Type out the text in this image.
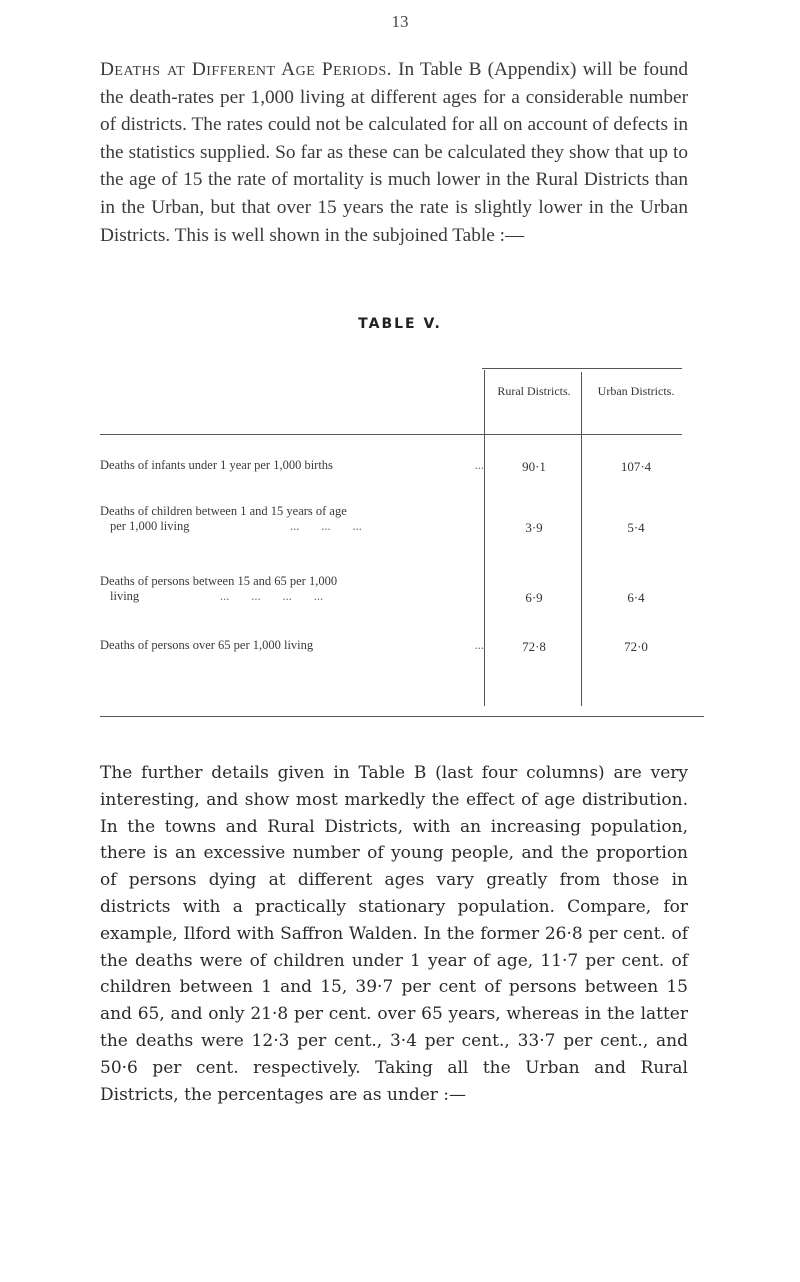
13
Deaths at Different Age Periods. In Table B (Appendix) will be found the death-rates per 1,000 living at different ages for a considerable number of districts. The rates could not be calculated for all on account of defects in the statistics supplied. So far as these can be calculated they show that up to the age of 15 the rate of mortality is much lower in the Rural Districts than in the Urban, but that over 15 years the rate is slightly lower in the Urban Districts. This is well shown in the subjoined Table :—
TABLE V.
Rural Districts.	Urban Districts.
Deaths of infants under 1 year per 1,000 births	...	90·1	107·4
Deaths of children between 1 and 15 years of age
per 1,000 living	...       ...       ...	3·9	5·4
Deaths of persons between 15 and 65 per 1,000
living	...       ...       ...       ...	6·9	6·4
Deaths of persons over 65 per 1,000 living	...	72·8	72·0
The further details given in Table B (last four columns) are very interesting, and show most markedly the effect of age distribution. In the towns and Rural Districts, with an increasing population, there is an excessive number of young people, and the proportion of persons dying at different ages vary greatly from those in districts with a practically stationary population. Compare, for example, Ilford with Saffron Walden. In the former 26·8 per cent. of the deaths were of children under 1 year of age, 11·7 per cent. of children between 1 and 15, 39·7 per cent of persons between 15 and 65, and only 21·8 per cent. over 65 years, whereas in the latter the deaths were 12·3 per cent., 3·4 per cent., 33·7 per cent., and 50·6 per cent. respectively. Taking all the Urban and Rural Districts, the percentages are as under :—
